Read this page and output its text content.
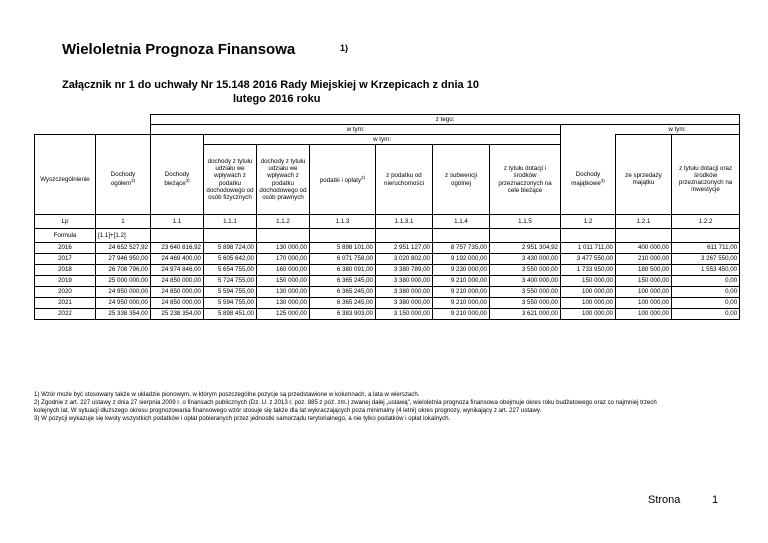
Wieloletnia Prognoza Finansowa	1)
Załącznik nr 1 do uchwały Nr 15.148 2016 Rady Miejskiej w Krzepicach z dnia 10
lutego 2016 roku
		z tego:									
		w tym:								w tym:	
			w tym:								
Wyszczególnienie	Dochody ogółem$^{3)}$	Dochody bieżące$^{3)}$	dochody z tytułu udziału we wpływach z podatku dochodowego od osób fizycznych	dochody z tytułu udziału we wpływach z podatku dochodowego od osób prawnych	podatki i opłaty$^{2)}$	z podatku od nieruchomości	z subwencji ogólnej	z tytułu dotacji i środków przeznaczonych na cele bieżące	Dochody majątkowe$^{3)}$	ze sprzedaży majątku	z tytułu dotacji oraz środków przeznaczonych na inwestycje
Lp	1	1.1	1.1.1	1.1.2	1.1.3	1.1.3.1	1.1.4	1.1.5	1.2	1.2.1	1.2.2
Formuła	[1.1]+[1.2]										
2016	24 652 527,92	23 640 816,92	5 898 724,00	130 000,00	5 898 101,00	2 951 127,00	8 757 735,00	2 951 304,92	1 011 711,00	400 000,00	611 711,00
2017	27 946 950,00	24 469 400,00	5 605 642,00	170 000,00	6 071 758,00	3 020 802,00	9 192 000,00	3 430 000,00	3 477 550,00	210 000,00	3 267 550,00
2018	26 708 796,00	24 974 846,00	5 654 755,00	160 000,00	6 380 091,00	3 380 789,00	9 230 000,00	3 550 000,00	1 733 950,00	180 500,00	1 553 450,00
2019	25 000 000,00	24 850 000,00	5 724 755,00	150 000,00	6 365 245,00	3 380 000,00	9 210 000,00	3 400 000,00	150 000,00	150 000,00	0,00
2020	24 950 000,00	24 850 000,00	5 594 755,00	130 000,00	6 365 245,00	3 380 000,00	9 210 000,00	3 550 000,00	100 000,00	100 000,00	0,00
2021	24 950 000,00	24 850 000,00	5 594 755,00	130 000,00	6 365 245,00	3 380 000,00	9 210 000,00	3 550 000,00	100 000,00	100 000,00	0,00
2022	25 338 354,00	25 238 354,00	5 898 451,00	125 000,00	6 383 903,00	3 150 000,00	9 210 000,00	3 621 000,00	100 000,00	100 000,00	0,00
1) Wzór może być stosowany także w układzie pionowym, w którym poszczególne pozycje są przedstawione w kolumnach, a lata w wierszach.
2) Zgodnie z art. 227 ustawy z dnia 27 sierpnia 2009 r. o finansach publicznych (Dz. U. z 2013 r. poz. 885 z póź. zm.) zwanej dalej „ustawą", wieloletnia prognoza finansowa obejmuje okres roku budżetowego oraz co najmniej trzech
kolejnych lat. W sytuacji dłuższego okresu prognozowania finansowego wzór stosuje się także dla lat wykraczających poza minimalny (4 letni) okres prognozy, wynikający z art. 227 ustawy.
3) W pozycji wykazuje się kwoty wszystkich podatków i opłat pobieranych przez jednostki samorządu terytorialnego, a nie tylko podatków i opłat lokalnych.
Strona	1
